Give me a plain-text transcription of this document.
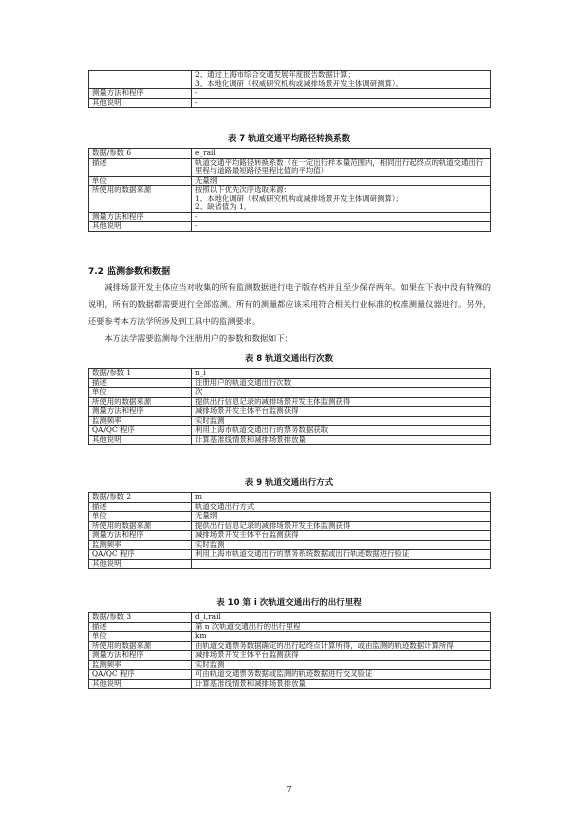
	2、通过上海市综合交通发展年度报告数据计算；
3、本地化调研（权威研究机构或减排场景开发主体调研测算）。
测量方法和程序	-
其他说明	-
表 7 轨道交通平均路径转换系数
数据/参数 6	e_rail
描述	轨道交通平均路径转换系数（在一定出行样本量范围内，相同出行起终点的轨道交通出行里程与道路最短路径里程比值的平均值）
单位	无量纲
所使用的数据来源	按照以下优先次序选取来源：
1、本地化调研（权威研究机构或减排场景开发主体调研测算）；
2、缺省值为 1。
测量方法和程序	-
其他说明	-
7.2 监测参数和数据
减排场景开发主体应当对收集的所有监测数据进行电子版存档并且至少保存两年。如果在下表中没有特殊的说明，所有的数据都需要进行全部监测。所有的测量都应该采用符合相关行业标准的校准测量仪器进行。另外，还要参考本方法学所涉及到工具中的监测要求。
本方法学需要监测每个注册用户的参数和数据如下：
表 8 轨道交通出行次数
数据/参数 1	n_i
描述	注册用户的轨道交通出行次数
单位	次
所使用的数据来源	提供出行信息记录的减排场景开发主体监测获得
测量方法和程序	减排场景开发主体平台监测获得
监测频率	实时监测
QA/QC 程序	利用上海市轨道交通出行的票务数据获取
其他说明	计算基准线情景和减排场景排放量
表 9 轨道交通出行方式
数据/参数 2	m
描述	轨道交通出行方式
单位	无量纲
所使用的数据来源	提供出行信息记录的减排场景开发主体监测获得
测量方法和程序	减排场景开发主体平台监测获得
监测频率	实时监测
QA/QC 程序	利用上海市轨道交通出行的票务系统数据或出行轨迹数据进行验证
其他说明	
表 10 第 i 次轨道交通出行的出行里程
数据/参数 3	d_i,rail
描述	第 n 次轨道交通出行的出行里程
单位	km
所使用的数据来源	由轨道交通票务数据确定的出行起终点计算所得，或由监测的轨迹数据计算所得
测量方法和程序	减排场景开发主体平台监测获得
监测频率	实时监测
QA/QC 程序	可由轨道交通票务数据或监测的轨迹数据进行交叉验证
其他说明	计算基准线情景和减排场景排放量
7
